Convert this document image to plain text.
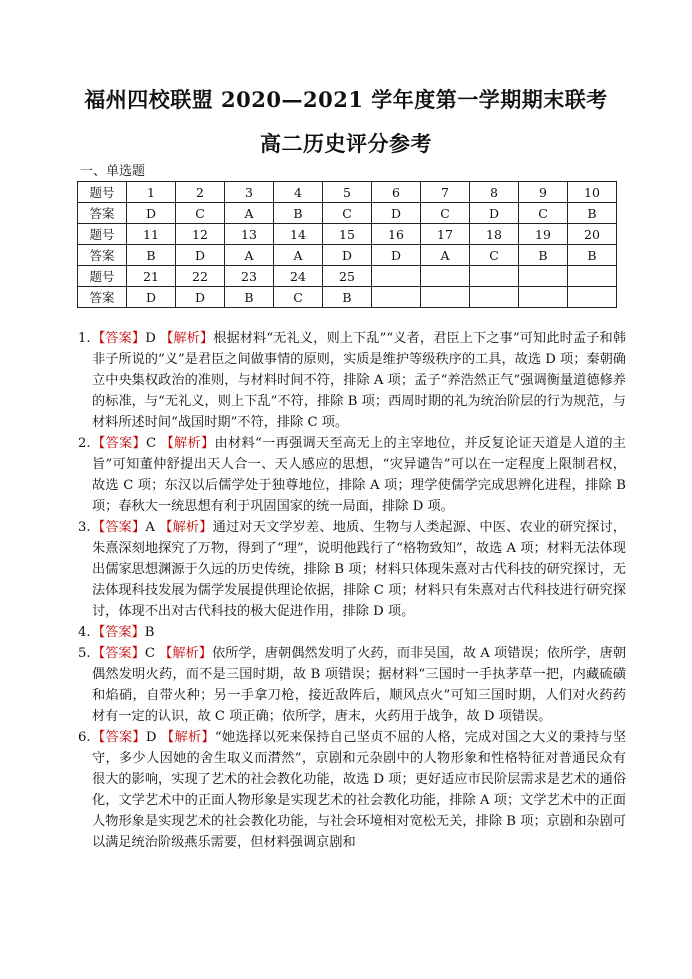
福州四校联盟 2020—2021 学年度第一学期期末联考
高二历史评分参考
一、单选题
题号	1	2	3	4	5	6	7	8	9	10
答案	D	C	A	B	C	D	C	D	C	B
题号	11	12	13	14	15	16	17	18	19	20
答案	B	D	A	A	D	D	A	C	B	B
题号	21	22	23	24	25					
答案	D	D	B	C	B					
1. 【答案】D 【解析】根据材料“无礼义，则上下乱”“义者，君臣上下之事”可知此时孟子和韩非子所说的“义”是君臣之间做事情的原则，实质是维护等级秩序的工具，故选 D 项；秦朝确立中央集权政治的准则，与材料时间不符，排除 A 项；孟子“养浩然正气”强调衡量道德修养的标准，与“无礼义，则上下乱”不符，排除 B 项；西周时期的礼为统治阶层的行为规范，与材料所述时间“战国时期”不符，排除 C 项。
2. 【答案】C 【解析】由材料“一再强调天至高无上的主宰地位，并反复论证天道是人道的主旨”可知董仲舒提出天人合一、天人感应的思想，“灾异谴告”可以在一定程度上限制君权，故选 C 项；东汉以后儒学处于独尊地位，排除 A 项；理学使儒学完成思辨化进程，排除 B 项；春秋大一统思想有利于巩固国家的统一局面，排除 D 项。
3. 【答案】A 【解析】通过对天文学岁差、地质、生物与人类起源、中医、农业的研究探讨，朱熹深刻地探究了万物，得到了“理”，说明他践行了“格物致知”，故选 A 项；材料无法体现出儒家思想渊源于久远的历史传统，排除 B 项；材料只体现朱熹对古代科技的研究探讨，无法体现科技发展为儒学发展提供理论依据，排除 C 项；材料只有朱熹对古代科技进行研究探讨，体现不出对古代科技的极大促进作用，排除 D 项。
4. 【答案】B
5. 【答案】C 【解析】依所学，唐朝偶然发明了火药，而非吴国，故 A 项错误；依所学，唐朝偶然发明火药，而不是三国时期，故 B 项错误；据材料“三国时一手执茅草一把，内藏硫磺和焰硝，自带火种；另一手拿刀枪，接近敌阵后，顺风点火”可知三国时期，人们对火药药材有一定的认识，故 C 项正确；依所学，唐末，火药用于战争，故 D 项错误。
6. 【答案】D 【解析】“她选择以死来保持自己坚贞不屈的人格，完成对国之大义的秉持与坚守，多少人因她的舍生取义而潸然”，京剧和元杂剧中的人物形象和性格特征对普通民众有很大的影响，实现了艺术的社会教化功能，故选 D 项；更好适应市民阶层需求是艺术的通俗化，文学艺术中的正面人物形象是实现艺术的社会教化功能，排除 A 项；文学艺术中的正面人物形象是实现艺术的社会教化功能，与社会环境相对宽松无关，排除 B 项；京剧和杂剧可以满足统治阶级燕乐需要，但材料强调京剧和
